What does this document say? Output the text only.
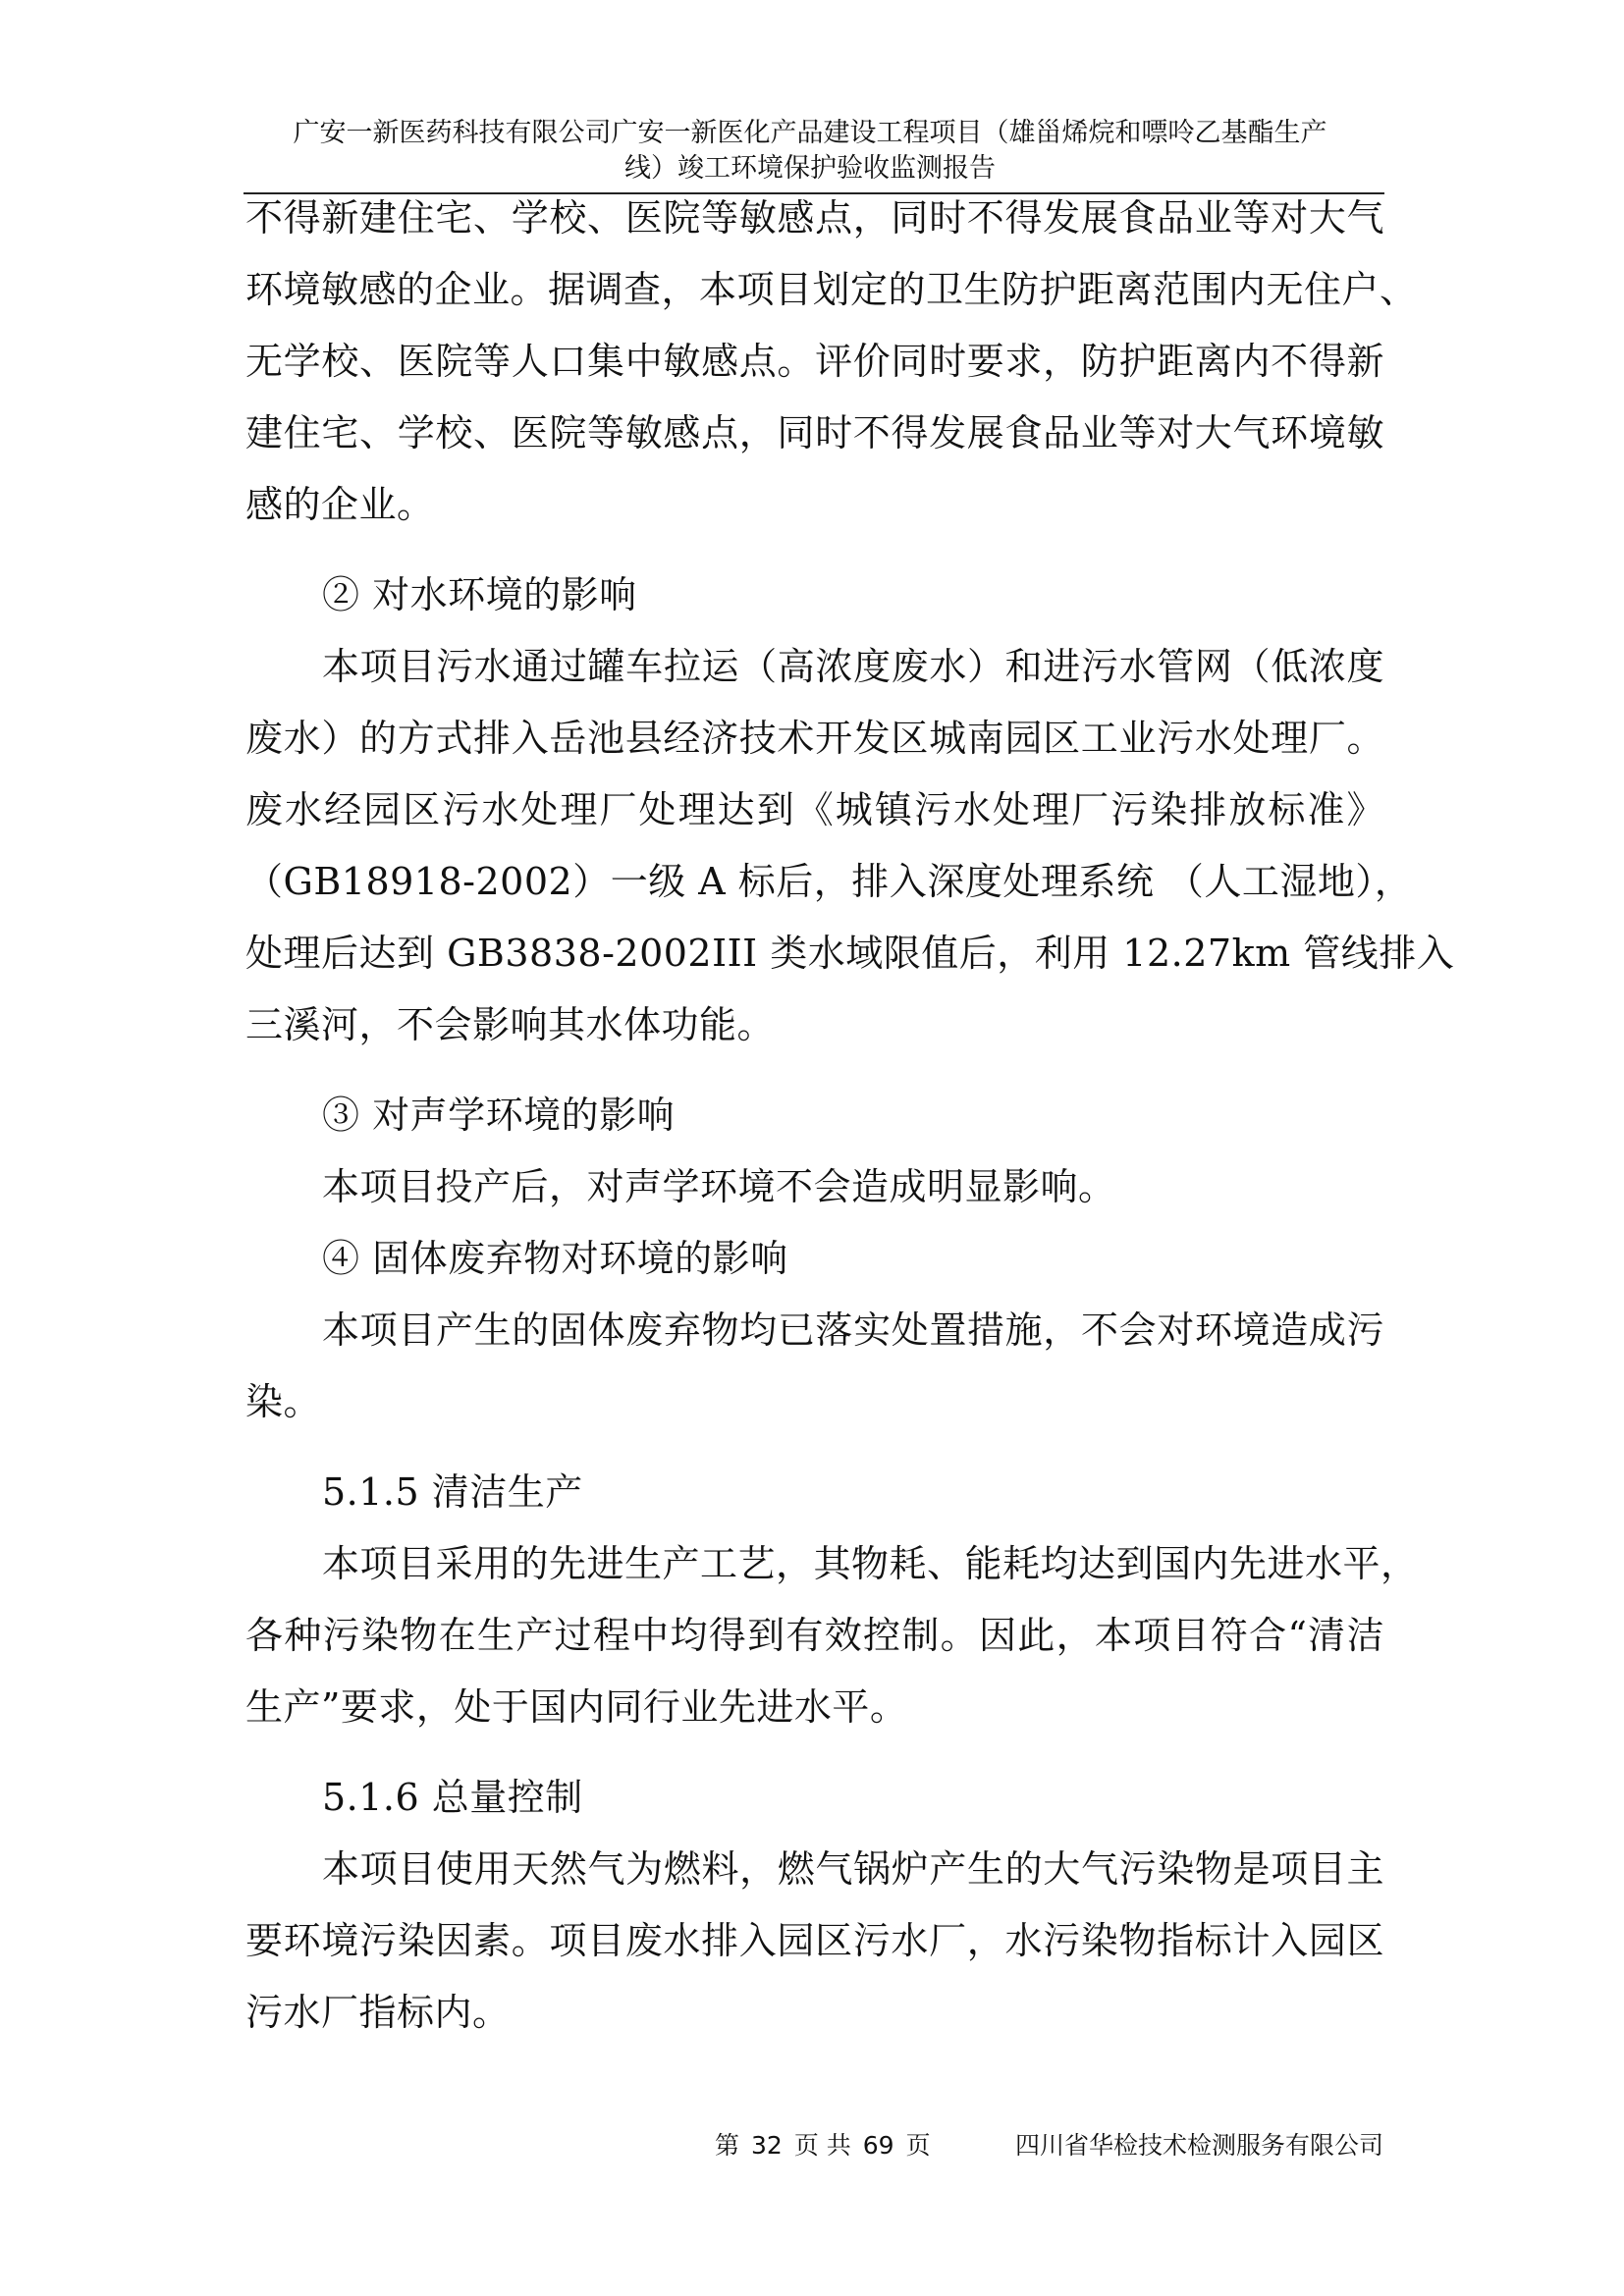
广安一新医药科技有限公司广安一新医化产品建设工程项目（雄甾烯烷和嘌呤乙基酯生产
线）竣工环境保护验收监测报告
不得新建住宅、学校、医院等敏感点，同时不得发展食品业等对大气
环境敏感的企业。据调查，本项目划定的卫生防护距离范围内无住户、
无学校、医院等人口集中敏感点。评价同时要求，防护距离内不得新
建住宅、学校、医院等敏感点，同时不得发展食品业等对大气环境敏
感的企业。
② 对水环境的影响
本项目污水通过罐车拉运（高浓度废水）和进污水管网（低浓度
废水）的方式排入岳池县经济技术开发区城南园区工业污水处理厂。
废水经园区污水处理厂处理达到《城镇污水处理厂污染排放标准》
（GB18918-2002）一级 A 标后，排入深度处理系统 （人工湿地），
处理后达到 GB3838-2002III 类水域限值后，利用 12.27km 管线排入
三溪河，不会影响其水体功能。
③ 对声学环境的影响
本项目投产后，对声学环境不会造成明显影响。
④ 固体废弃物对环境的影响
本项目产生的固体废弃物均已落实处置措施，不会对环境造成污
染。
5.1.5 清洁生产
本项目采用的先进生产工艺，其物耗、能耗均达到国内先进水平，
各种污染物在生产过程中均得到有效控制。因此，本项目符合“清洁
生产”要求，处于国内同行业先进水平。
5.1.6 总量控制
本项目使用天然气为燃料，燃气锅炉产生的大气污染物是项目主
要环境污染因素。项目废水排入园区污水厂，水污染物指标计入园区
污水厂指标内。
第 32 页 共 69 页	四川省华检技术检测服务有限公司
